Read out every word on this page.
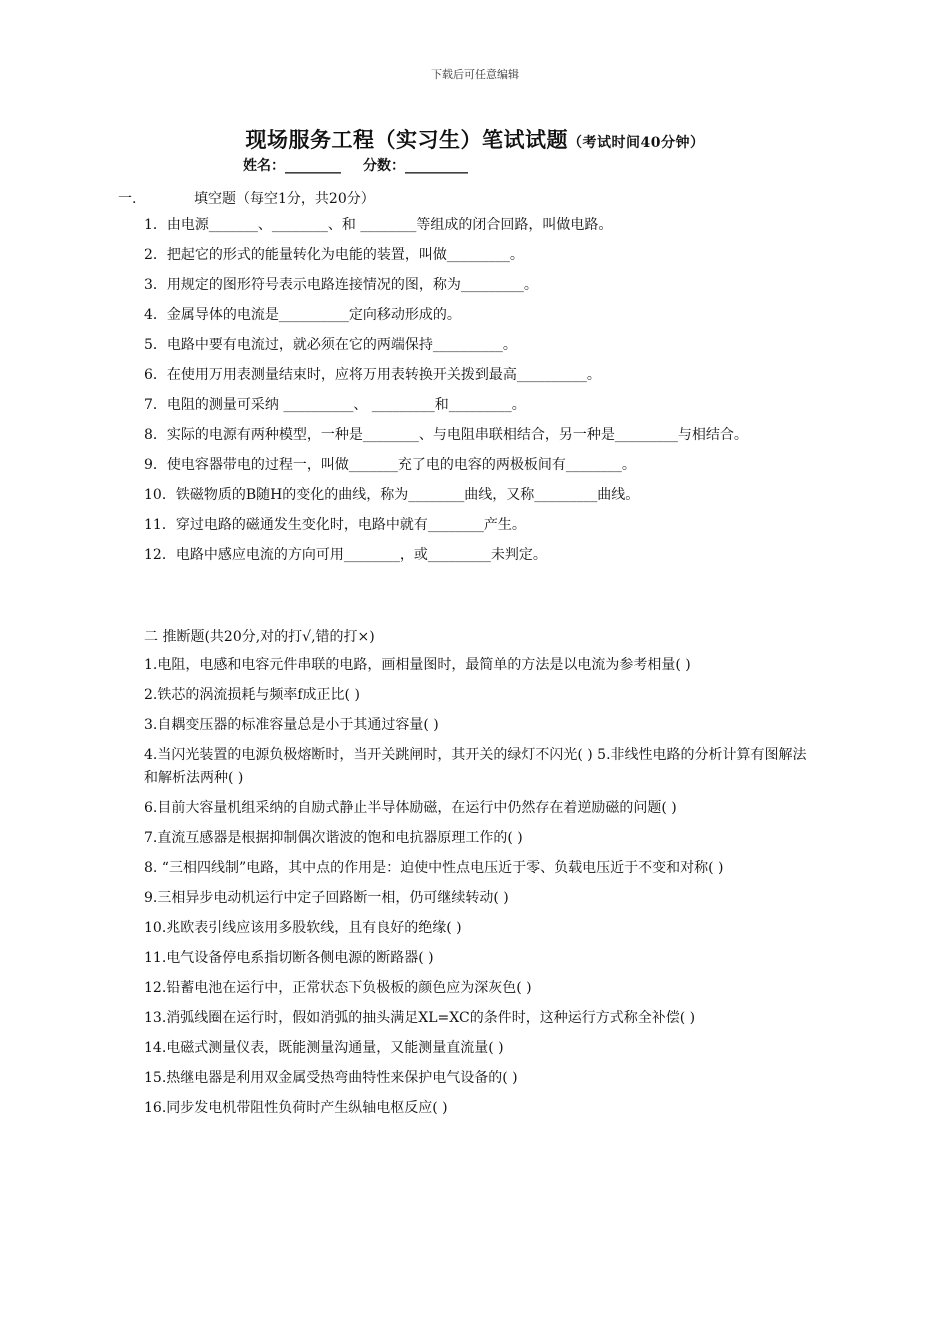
下载后可任意编辑
现场服务工程（实习生）笔试试题（考试时间40分钟）
姓名：________ 分数：_________
一.	填空题（每空1分，共20分）
1．由电源_______、________、和 ________等组成的闭合回路，叫做电路。
2．把起它的形式的能量转化为电能的装置，叫做_________。
3．用规定的图形符号表示电路连接情况的图，称为_________。
4．金属导体的电流是__________定向移动形成的。
5．电路中要有电流过，就必须在它的两端保持__________。
6．在使用万用表测量结束时，应将万用表转换开关拨到最高__________。
7．电阻的测量可采纳 __________、 _________和_________。
8．实际的电源有两种模型，一种是________、与电阻串联相结合，另一种是_________与相结合。
9．使电容器带电的过程一，叫做_______充了电的电容的两极板间有________。
10．铁磁物质的B随H的变化的曲线，称为________曲线，又称_________曲线。
11．穿过电路的磁通发生变化时，电路中就有________产生。
12．电路中感应电流的方向可用________，或_________未判定。
二 推断题(共20分,对的打√,错的打×)
1.电阻，电感和电容元件串联的电路，画相量图时，最简单的方法是以电流为参考相量( )
2.铁芯的涡流损耗与频率f成正比( )
3.自耦变压器的标准容量总是小于其通过容量( )
4.当闪光装置的电源负极熔断时，当开关跳闸时，其开关的绿灯不闪光( ) 5.非线性电路的分析计算有图解法和解析法两种( )
6.目前大容量机组采纳的自励式静止半导体励磁，在运行中仍然存在着逆励磁的问题( )
7.直流互感器是根据抑制偶次谐波的饱和电抗器原理工作的( )
8. “三相四线制”电路，其中点的作用是：迫使中性点电压近于零、负载电压近于不变和对称( )
9.三相异步电动机运行中定子回路断一相，仍可继续转动( )
10.兆欧表引线应该用多股软线，且有良好的绝缘( )
11.电气设备停电系指切断各侧电源的断路器( )
12.铅蓄电池在运行中，正常状态下负极板的颜色应为深灰色( )
13.消弧线圈在运行时，假如消弧的抽头满足XL=XC的条件时，这种运行方式称全补偿( )
14.电磁式测量仪表，既能测量沟通量，又能测量直流量( )
15.热继电器是利用双金属受热弯曲特性来保护电气设备的( )
16.同步发电机带阻性负荷时产生纵轴电枢反应( )
